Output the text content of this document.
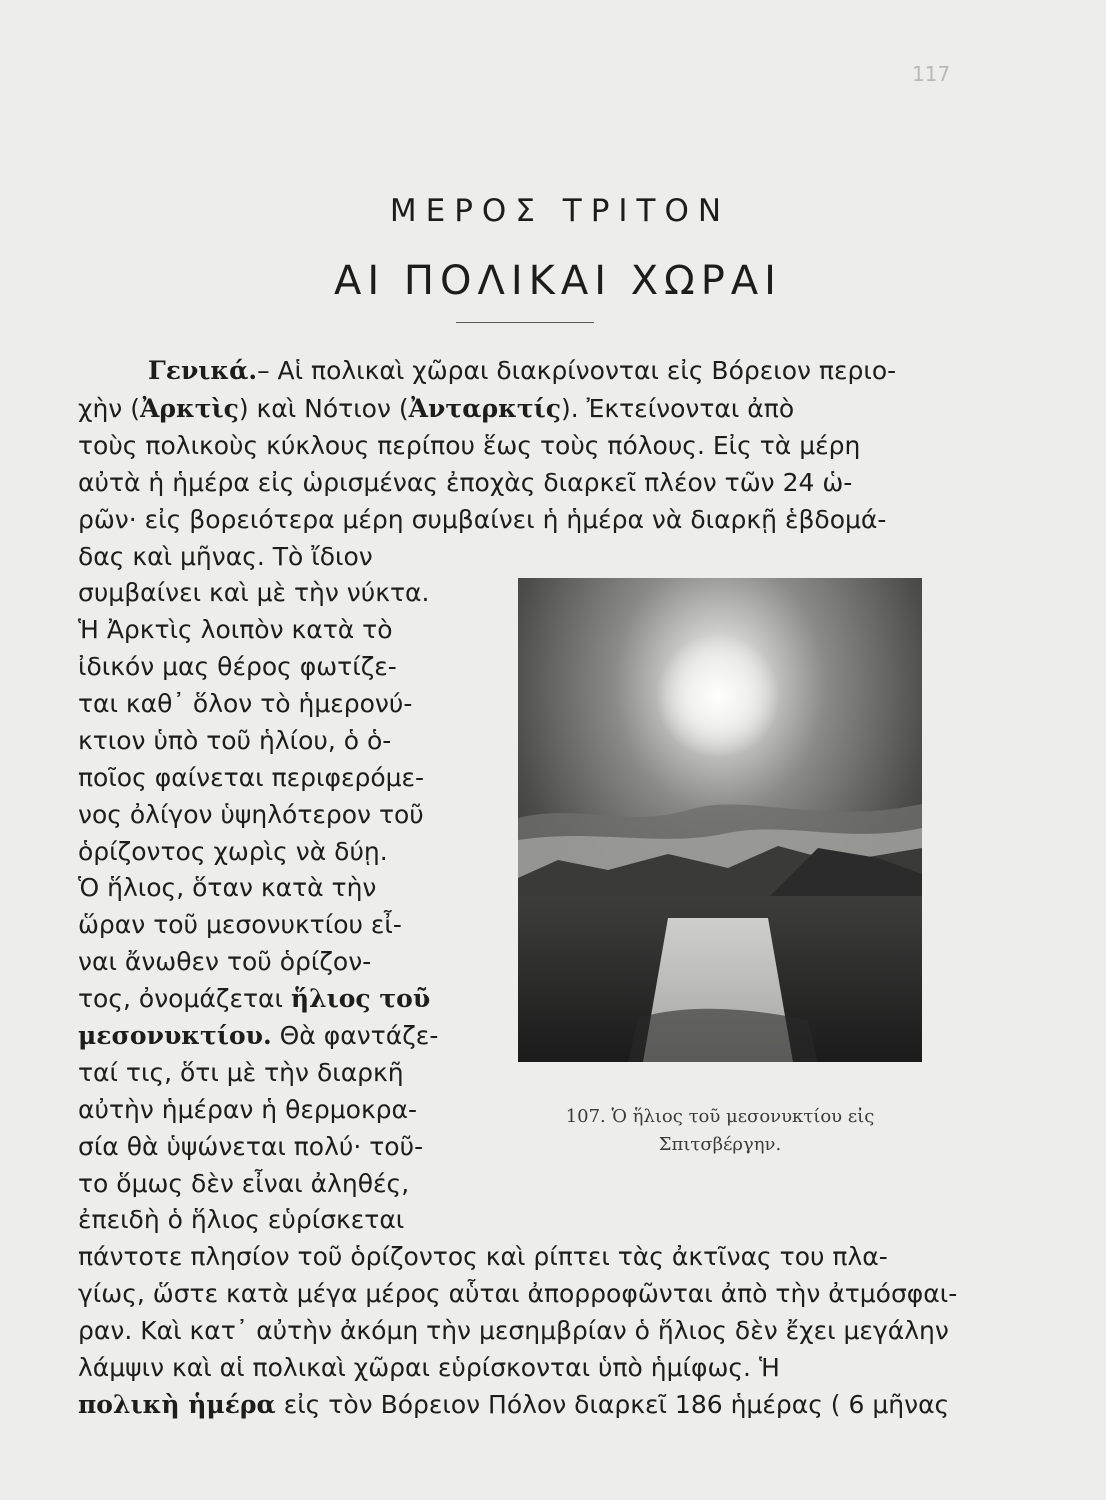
117
ΜΕΡΟΣ ΤΡΙΤΟΝ
ΑΙ ΠΟΛΙΚΑΙ ΧΩΡΑΙ
Γενικά.– Αἱ πολικαὶ χῶραι διακρίνονται εἰς Βόρειον περιο-
χὴν (Ἀρκτὶς) καὶ Νότιον (Ἀνταρκτίς). Ἐκτείνονται ἀπὸ
τοὺς πολικοὺς κύκλους περίπου ἕως τοὺς πόλους. Εἰς τὰ μέρη
αὐτὰ ἡ ἡμέρα εἰς ὡρισμένας ἐποχὰς διαρκεῖ πλέον τῶν 24 ὡ-
ρῶν· εἰς βορειότερα μέρη συμβαίνει ἡ ἡμέρα νὰ διαρκῇ ἑβδομά-
δας καὶ μῆνας. Τὸ ἴδιον
συμβαίνει καὶ μὲ τὴν νύκτα.
Ἡ Ἀρκτὶς λοιπὸν κατὰ τὸ
ἰδικόν μας θέρος φωτίζε-
ται καθ᾽ ὅλον τὸ ἡμερονύ-
κτιον ὑπὸ τοῦ ἡλίου, ὁ ὁ-
ποῖος φαίνεται περιφερόμε-
νος ὀλίγον ὑψηλότερον τοῦ
ὁρίζοντος χωρὶς νὰ δύῃ.
Ὁ ἥλιος, ὅταν κατὰ τὴν
ὥραν τοῦ μεσονυκτίου εἶ-
ναι ἄνωθεν τοῦ ὁρίζον-
τος, ὀνομάζεται ἥλιος τοῦ
μεσονυκτίου. Θὰ φαντάζε-
ταί τις, ὅτι μὲ τὴν διαρκῆ
αὐτὴν ἡμέραν ἡ θερμοκρα-
σία θὰ ὑψώνεται πολύ· τοῦ-
το ὅμως δὲν εἶναι ἀληθές,
ἐπειδὴ ὁ ἥλιος εὑρίσκεται
πάντοτε πλησίον τοῦ ὁρίζοντος καὶ ρίπτει τὰς ἀκτῖνας του πλα-
γίως, ὥστε κατὰ μέγα μέρος αὗται ἀπορροφῶνται ἀπὸ τὴν ἀτμόσφαι-
ραν. Καὶ κατ᾽ αὐτὴν ἀκόμη τὴν μεσημβρίαν ὁ ἥλιος δὲν ἔχει μεγάλην
λάμψιν καὶ αἱ πολικαὶ χῶραι εὑρίσκονται ὑπὸ ἡμίφως. Ἡ
πολικὴ ἡμέρα εἰς τὸν Βόρειον Πόλον διαρκεῖ 186 ἡμέρας ( 6 μῆνας
107. Ὁ ἥλιος τοῦ μεσονυκτίου εἰς
Σπιτσβέργην.
